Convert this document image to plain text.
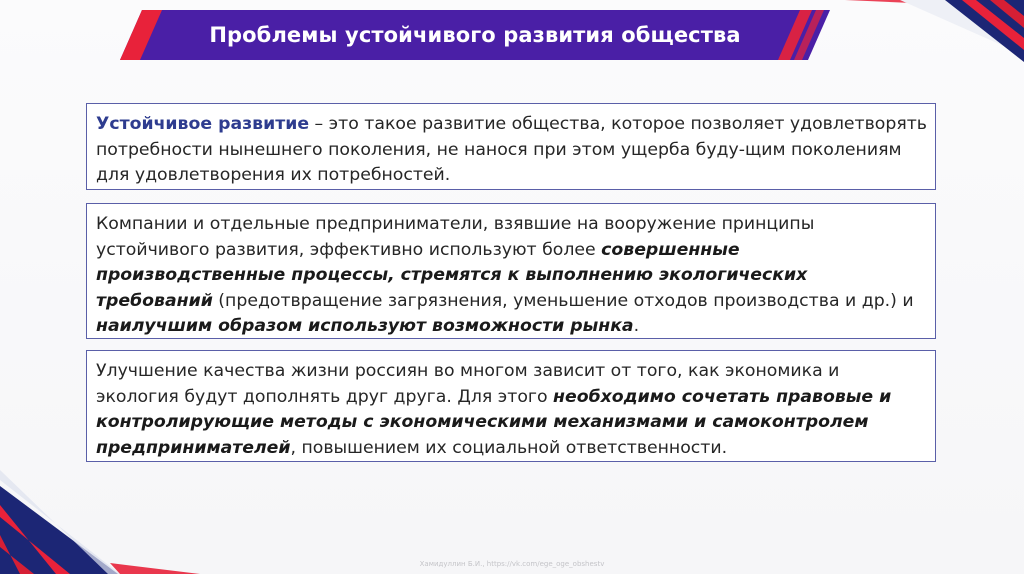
Проблемы устойчивого развития общества
Устойчивое развитие – это такое развитие общества, которое позволяет удовлетворять потребности нынешнего поколения, не нанося при этом ущерба буду-щим поколениям для удовлетворения их потребностей.
Компании и отдельные предприниматели, взявшие на вооружение принципы устойчивого развития, эффективно используют более совершенные производственные процессы, стремятся к выполнению экологических требований (предотвращение загрязнения, уменьшение отходов производства и др.) и наилучшим образом используют возможности рынка.
Улучшение качества жизни россиян во многом зависит от того, как экономика и экология будут дополнять друг друга. Для этого необходимо сочетать правовые и контролирующие методы с экономическими механизмами и самоконтролем предпринимателей, повышением их социальной ответственности.
Хамидуллин Б.И., https://vk.com/ege_oge_obshestv
